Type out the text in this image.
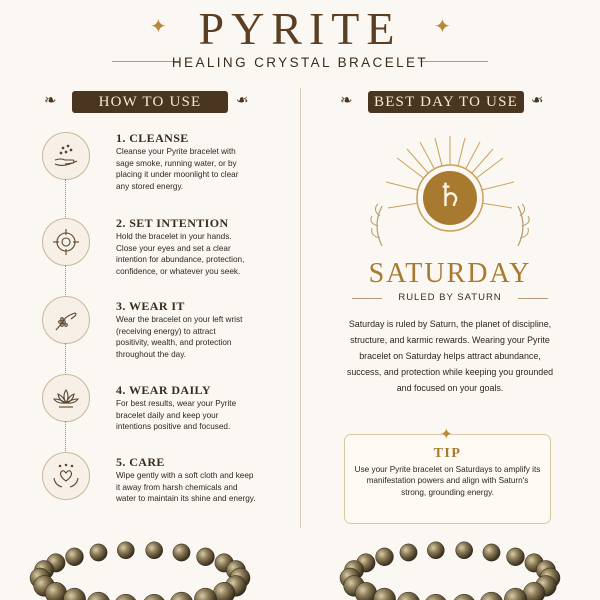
✦	✦
PYRITE
HEALING CRYSTAL BRACELET
❧	HOW TO USE	❧	❧	BEST DAY TO USE ❧
1. CLEANSE
Cleanse your Pyrite bracelet with sage smoke, running water, or by placing it under moonlight to clear any stored energy.
2. SET INTENTION
Hold the bracelet in your hands. Close your eyes and set a clear intention for abundance, protection, confidence, or whatever you seek.
3. WEAR IT
Wear the bracelet on your left wrist (receiving energy) to attract positivity, wealth, and protection throughout the day.
4. WEAR DAILY
For best results, wear your Pyrite bracelet daily and keep your intentions positive and focused.
5. CARE
Wipe gently with a soft cloth and keep it away from harsh chemicals and water to maintain its shine and energy.
♄
SATURDAY
RULED BY SATURN
Saturday is ruled by Saturn, the planet of discipline, structure, and karmic rewards. Wearing your Pyrite bracelet on Saturday helps attract abundance, success, and protection while keeping you grounded and focused on your goals.
✦
TIP
Use your Pyrite bracelet on Saturdays to amplify its manifestation powers and align with Saturn's strong, grounding energy.
